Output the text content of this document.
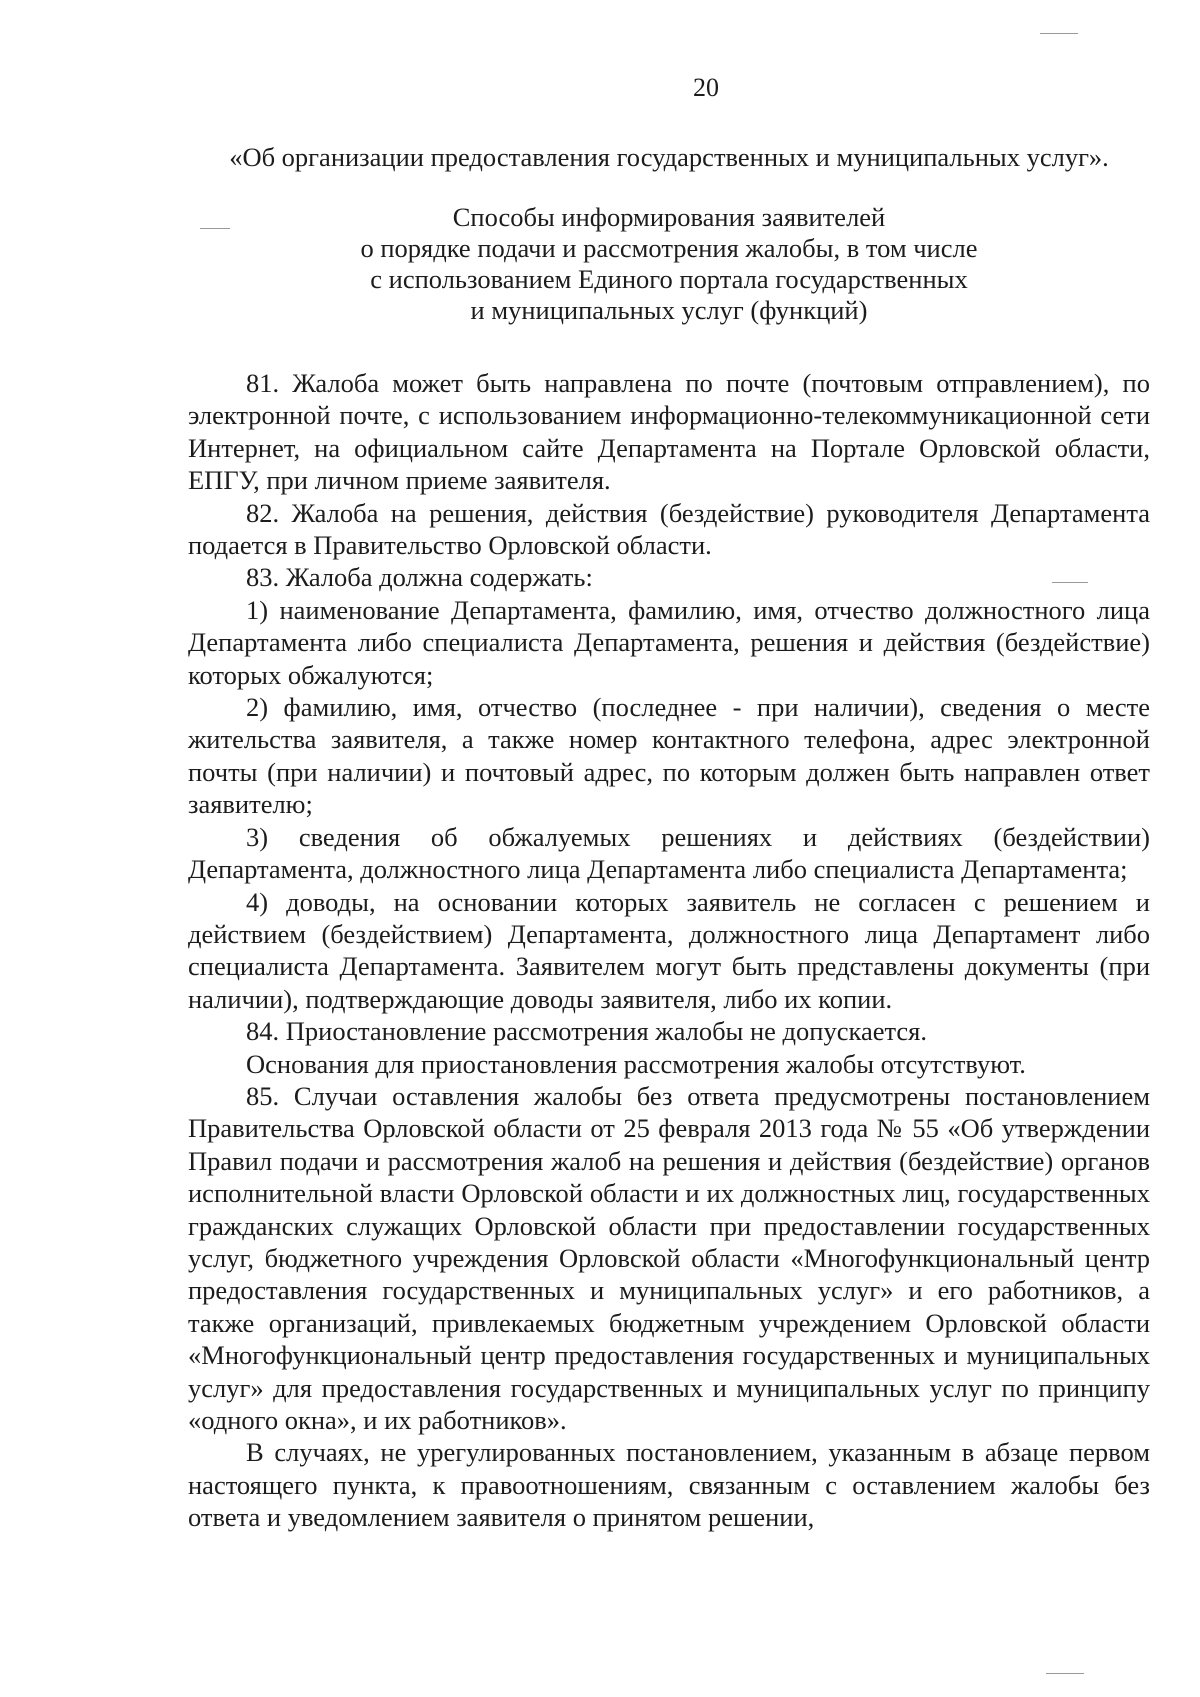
20
«Об организации предоставления государственных и муниципальных услуг».
Способы информирования заявителей
о порядке подачи и рассмотрения жалобы, в том числе
с использованием Единого портала государственных
и муниципальных услуг (функций)

81. Жалоба может быть направлена по почте (почтовым отправлением), по электронной почте, с использованием информационно-телекоммуникационной сети Интернет, на официальном сайте Департамента на Портале Орловской области, ЕПГУ, при личном приеме заявителя.

82. Жалоба на решения, действия (бездействие) руководителя Департамента подается в Правительство Орловской области.

83. Жалоба должна содержать:

1) наименование Департамента, фамилию, имя, отчество должностного лица Департамента либо специалиста Департамента, решения и действия (бездействие) которых обжалуются;

2) фамилию, имя, отчество (последнее - при наличии), сведения о месте жительства заявителя, а также номер контактного телефона, адрес электронной почты (при наличии) и почтовый адрес, по которым должен быть направлен ответ заявителю;

3) сведения об обжалуемых решениях и действиях (бездействии) Департамента, должностного лица Департамента либо специалиста Департамента;

4) доводы, на основании которых заявитель не согласен с решением и действием (бездействием) Департамента, должностного лица Департамент либо специалиста Департамента. Заявителем могут быть представлены документы (при наличии), подтверждающие доводы заявителя, либо их копии.

84. Приостановление рассмотрения жалобы не допускается.

Основания для приостановления рассмотрения жалобы отсутствуют.

85. Случаи оставления жалобы без ответа предусмотрены постановлением Правительства Орловской области от 25 февраля 2013 года № 55 «Об утверждении Правил подачи и рассмотрения жалоб на решения и действия (бездействие) органов исполнительной власти Орловской области и их должностных лиц, государственных гражданских служащих Орловской области при предоставлении государственных услуг, бюджетного учреждения Орловской области «Многофункциональный центр предоставления государственных и муниципальных услуг» и его работников, а также организаций, привлекаемых бюджетным учреждением Орловской области «Многофункциональный центр предоставления государственных и муниципальных услуг» для предоставления государственных и муниципальных услуг по принципу «одного окна», и их работников».

В случаях, не урегулированных постановлением, указанным в абзаце первом настоящего пункта, к правоотношениям, связанным с оставлением жалобы без ответа и уведомлением заявителя о принятом решении,
